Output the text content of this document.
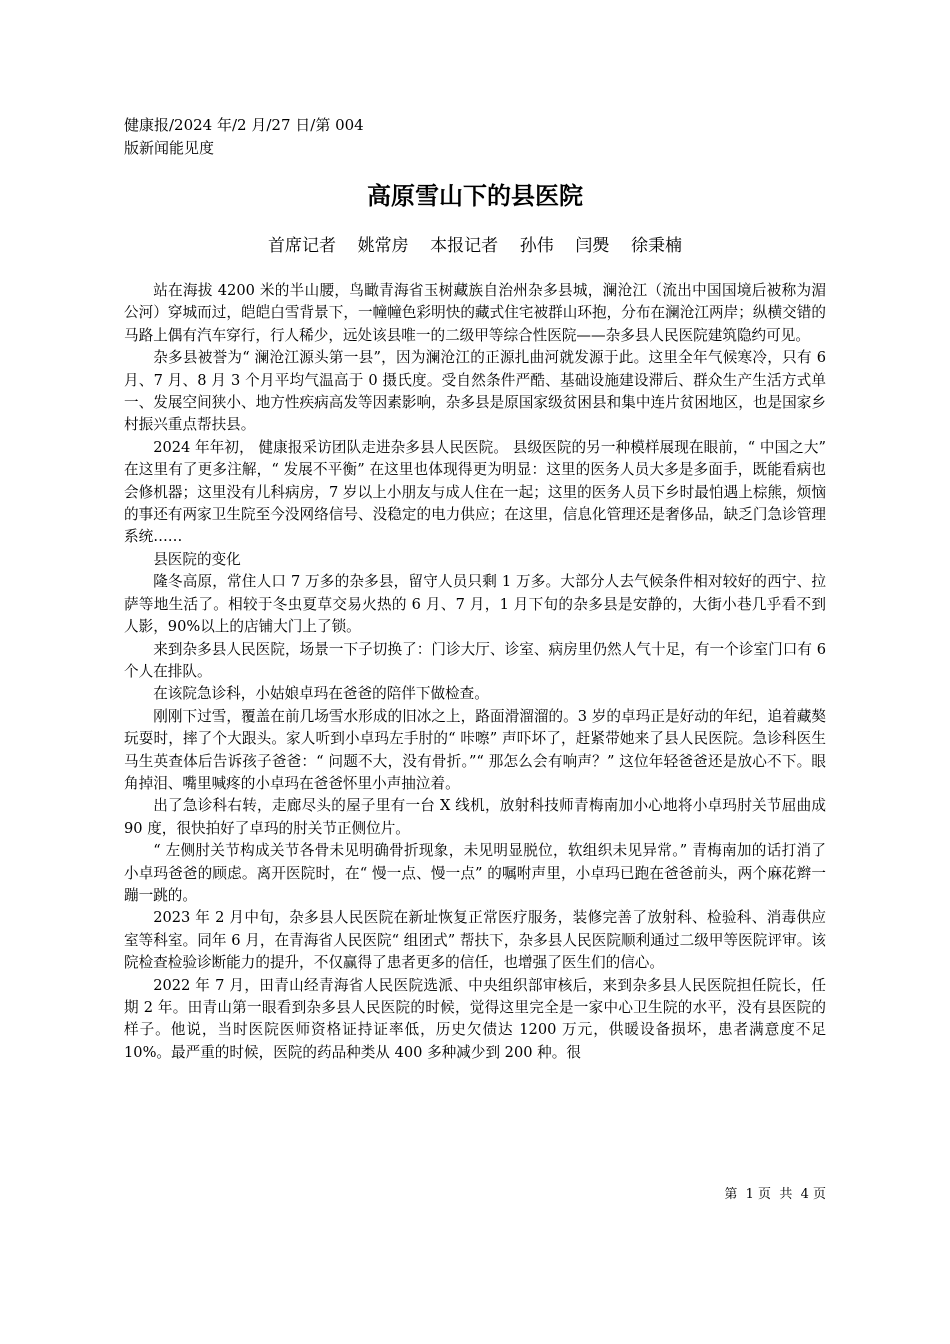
健康报/2024 年/2 月/27 日/第 004
版新闻能见度
高原雪山下的县医院
首席记者    姚常房    本报记者    孙伟    闫爂    徐秉楠

站在海拔 4200 米的半山腰，鸟瞰青海省玉树藏族自治州杂多县城，澜沧江（流出中国国境后被称为湄公河）穿城而过，皑皑白雪背景下，一幢幢色彩明快的藏式住宅被群山环抱，分布在澜沧江两岸；纵横交错的马路上偶有汽车穿行，行人稀少，远处该县唯一的二级甲等综合性医院——杂多县人民医院建筑隐约可见。

杂多县被誉为“ 澜沧江源头第一县”，因为澜沧江的正源扎曲河就发源于此。这里全年气候寒冷，只有 6 月、7 月、8 月 3 个月平均气温高于 0 摄氏度。受自然条件严酷、基础设施建设滞后、群众生产生活方式单一、发展空间狭小、地方性疾病高发等因素影响，杂多县是原国家级贫困县和集中连片贫困地区，也是国家乡村振兴重点帮扶县。

2024 年年初， 健康报采访团队走进杂多县人民医院。 县级医院的另一种模样展现在眼前，“ 中国之大” 在这里有了更多注解，“ 发展不平衡” 在这里也体现得更为明显：这里的医务人员大多是多面手，既能看病也会修机器；这里没有儿科病房，7 岁以上小朋友与成人住在一起；这里的医务人员下乡时最怕遇上棕熊，烦恼的事还有两家卫生院至今没网络信号、没稳定的电力供应；在这里，信息化管理还是奢侈品，缺乏门急诊管理系统……

县医院的变化

隆冬高原，常住人口 7 万多的杂多县，留守人员只剩 1 万多。大部分人去气候条件相对较好的西宁、拉萨等地生活了。相较于冬虫夏草交易火热的 6 月、7 月，1 月下旬的杂多县是安静的，大街小巷几乎看不到人影，90%以上的店铺大门上了锁。

来到杂多县人民医院，场景一下子切换了：门诊大厅、诊室、病房里仍然人气十足，有一个诊室门口有 6 个人在排队。

在该院急诊科，小姑娘卓玛在爸爸的陪伴下做检查。

刚刚下过雪，覆盖在前几场雪水形成的旧冰之上，路面滑溜溜的。3 岁的卓玛正是好动的年纪，追着藏獒玩耍时，摔了个大跟头。家人听到小卓玛左手肘的“ 咔嚓” 声吓坏了，赶紧带她来了县人民医院。急诊科医生马生英查体后告诉孩子爸爸：“ 问题不大，没有骨折。”“ 那怎么会有响声？” 这位年轻爸爸还是放心不下。眼角掉泪、嘴里喊疼的小卓玛在爸爸怀里小声抽泣着。

出了急诊科右转，走廊尽头的屋子里有一台 X 线机，放射科技师青梅南加小心地将小卓玛肘关节屈曲成 90 度，很快拍好了卓玛的肘关节正侧位片。

“ 左侧肘关节构成关节各骨未见明确骨折现象，未见明显脱位，软组织未见异常。” 青梅南加的话打消了小卓玛爸爸的顾虑。离开医院时，在“ 慢一点、慢一点” 的嘱咐声里，小卓玛已跑在爸爸前头，两个麻花辫一蹦一跳的。

2023 年 2 月中旬，杂多县人民医院在新址恢复正常医疗服务，装修完善了放射科、检验科、消毒供应室等科室。同年 6 月，在青海省人民医院“ 组团式” 帮扶下，杂多县人民医院顺利通过二级甲等医院评审。该院检查检验诊断能力的提升，不仅赢得了患者更多的信任，也增强了医生们的信心。

2022 年 7 月，田青山经青海省人民医院选派、中央组织部审核后，来到杂多县人民医院担任院长，任期 2 年。田青山第一眼看到杂多县人民医院的时候，觉得这里完全是一家中心卫生院的水平，没有县医院的样子。他说，当时医院医师资格证持证率低，历史欠债达 1200 万元，供暖设备损坏，患者满意度不足 10%。最严重的时候，医院的药品种类从 400 多种减少到 200 种。很

第  1 页  共  4 页
